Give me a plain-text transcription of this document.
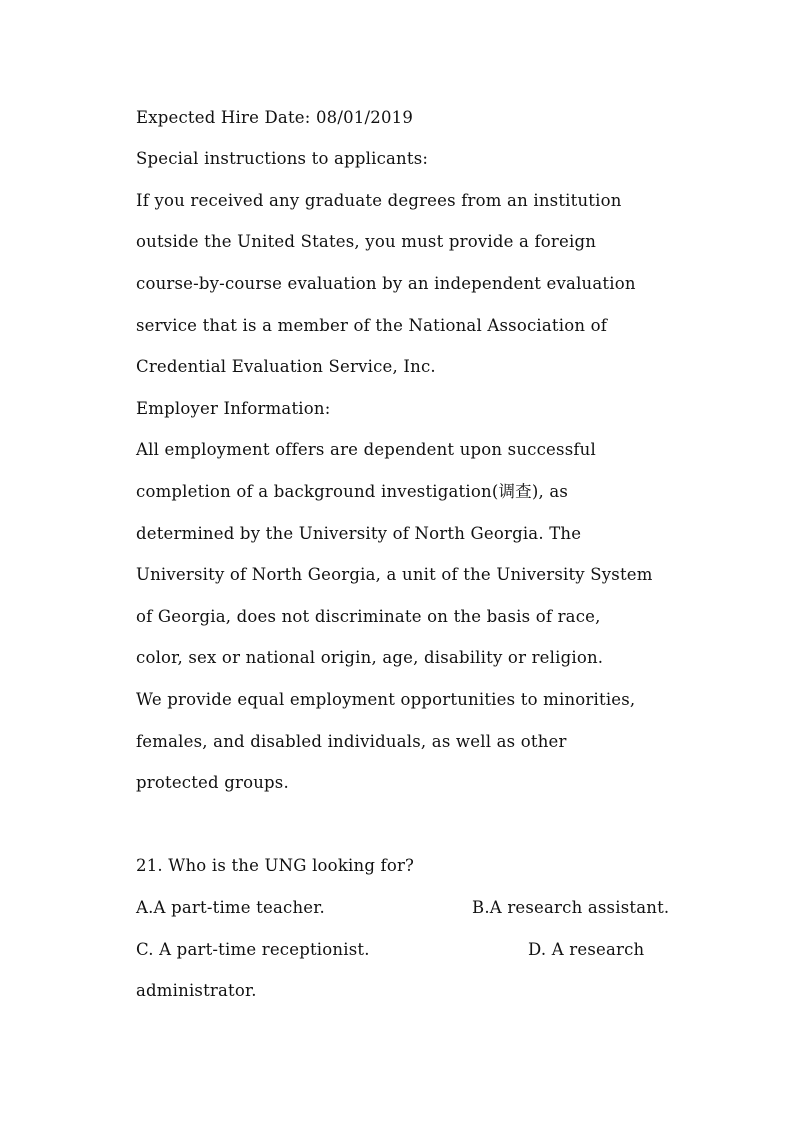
Expected Hire Date: 08/01/2019
Special instructions to applicants:
If you received any graduate degrees from an institution
outside the United States, you must provide a foreign
course-by-course evaluation by an independent evaluation
service that is a member of the National Association of
Credential Evaluation Service, Inc.
Employer Information:
All employment offers are dependent upon successful
completion of a background investigation(调查), as
determined by the University of North Georgia. The
University of North Georgia, a unit of the University System
of Georgia, does not discriminate on the basis of race,
color, sex or national origin, age, disability or religion.
We provide equal employment opportunities to minorities,
females, and disabled individuals, as well as other
protected groups.
21. Who is the UNG looking for?
A.A part-time teacher.	B.A research assistant.
C. A part-time receptionist.	D. A research
administrator.
